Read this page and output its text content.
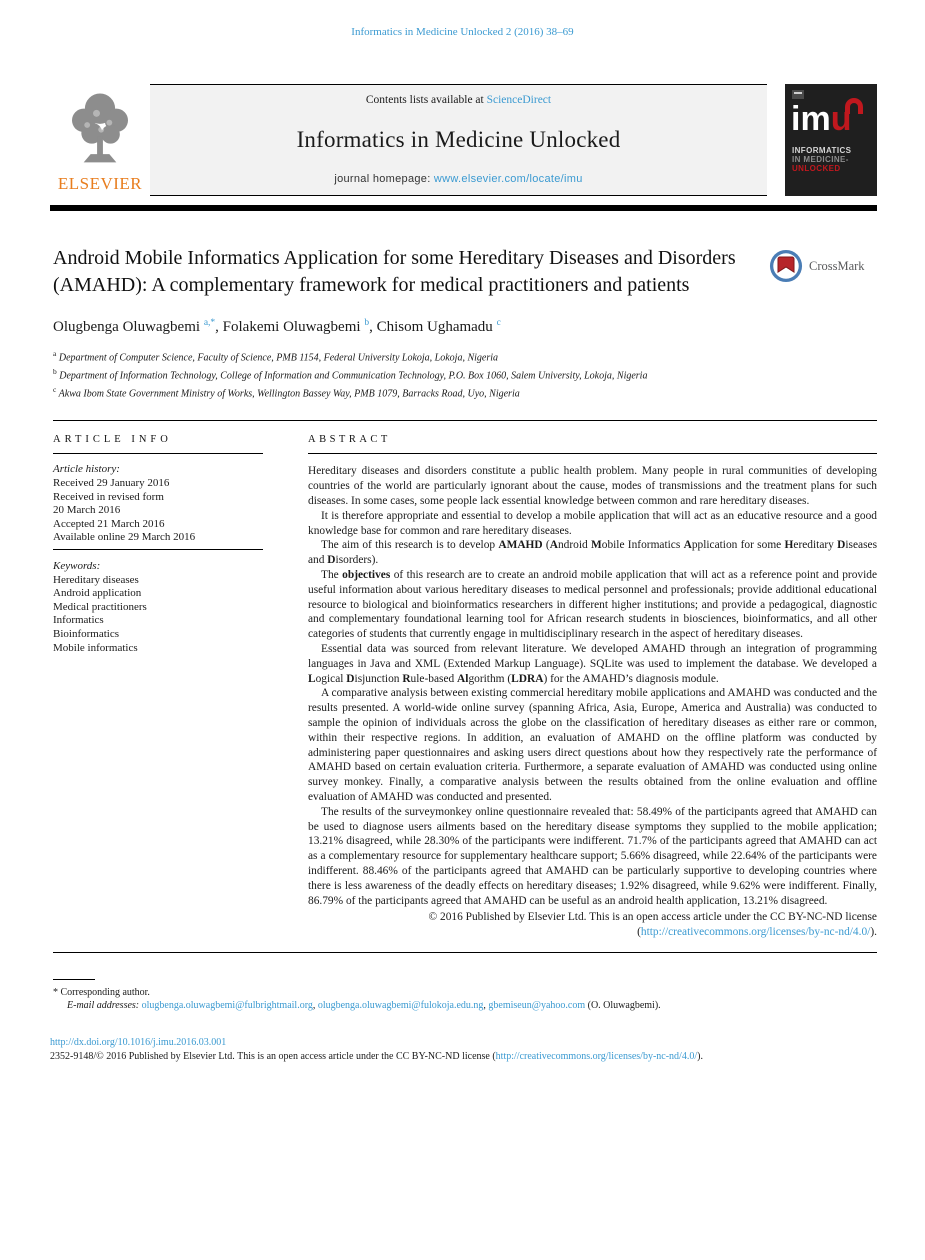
Informatics in Medicine Unlocked 2 (2016) 38–69
ELSEVIER
Contents lists available at ScienceDirect
Informatics in Medicine Unlocked
journal homepage: www.elsevier.com/locate/imu
imu
INFORMATICS
IN MEDICINE-
UNLOCKED
Android Mobile Informatics Application for some Hereditary Diseases and Disorders (AMAHD): A complementary framework for medical practitioners and patients
CrossMark
Olugbenga Oluwagbemi $^{a,*}$, Folakemi Oluwagbemi $^b$, Chisom Ughamadu $^c$
$^a$ Department of Computer Science, Faculty of Science, PMB 1154, Federal University Lokoja, Lokoja, Nigeria
$^b$ Department of Information Technology, College of Information and Communication Technology, P.O. Box 1060, Salem University, Lokoja, Nigeria
$^c$ Akwa Ibom State Government Ministry of Works, Wellington Bassey Way, PMB 1079, Barracks Road, Uyo, Nigeria
ARTICLE INFO
Article history:
Received 29 January 2016
Received in revised form
20 March 2016
Accepted 21 March 2016
Available online 29 March 2016
Keywords:
Hereditary diseases
Android application
Medical practitioners
Informatics
Bioinformatics
Mobile informatics
ABSTRACT

Hereditary diseases and disorders constitute a public health problem. Many people in rural communities of developing countries of the world are particularly ignorant about the cause, modes of transmissions and the treatment plans for such diseases. In some cases, some people lack essential knowledge between common and rare hereditary diseases.

It is therefore appropriate and essential to develop a mobile application that will act as an educative resource and a good knowledge base for common and rare hereditary diseases.

The aim of this research is to develop AMAHD (Android Mobile Informatics Application for some Hereditary Diseases and Disorders).

The objectives of this research are to create an android mobile application that will act as a reference point and provide useful information about various hereditary diseases to medical personnel and professionals; provide additional educational resource to biological and bioinformatics researchers in different higher institutions; and provide a pedagogical, diagnostic and complementary foundational learning tool for African research students in biosciences, bioinformatics, and all other categories of students that currently engage in multidisciplinary research in the aspect of hereditary diseases.

Essential data was sourced from relevant literature. We developed AMAHD through an integration of programming languages in Java and XML (Extended Markup Language). SQLite was used to implement the database. We developed a Logical Disjunction Rule-based Algorithm (LDRA) for the AMAHD’s diagnosis module.

A comparative analysis between existing commercial hereditary mobile applications and AMAHD was conducted and the results presented. A world-wide online survey (spanning Africa, Asia, Europe, America and Australia) was conducted to sample the opinion of individuals across the globe on the classification of hereditary diseases as either rare or common, within their respective regions. In addition, an evaluation of AMAHD on the offline platform was conducted by administering paper questionnaires and asking users direct questions about how they respectively rate the performance of AMAHD based on certain evaluation criteria. Furthermore, a separate evaluation of AMAHD was conducted using online survey monkey. Finally, a comparative analysis between the results obtained from the online evaluation and offline evaluation of AMAHD was conducted and presented.

The results of the surveymonkey online questionnaire revealed that: 58.49% of the participants agreed that AMAHD can be used to diagnose users ailments based on the hereditary disease symptoms they supplied to the mobile application; 13.21% disagreed, while 28.30% of the participants were indifferent. 71.7% of the participants agreed that AMAHD can act as a complementary resource for supplementary healthcare support; 5.66% disagreed, while 22.64% of the participants were indifferent. 88.46% of the participants agreed that AMAHD can be particularly supportive to developing countries where there is less awareness of the deadly effects on hereditary diseases; 1.92% disagreed, while 9.62% were indifferent. Finally, 86.79% of the participants agreed that AMAHD can be useful as an android health application, 13.21% disagreed.

© 2016 Published by Elsevier Ltd. This is an open access article under the CC BY-NC-ND license
(http://creativecommons.org/licenses/by-nc-nd/4.0/).
* Corresponding author.
E-mail addresses: olugbenga.oluwagbemi@fulbrightmail.org, olugbenga.oluwagbemi@fulokoja.edu.ng, gbemiseun@yahoo.com (O. Oluwagbemi).
http://dx.doi.org/10.1016/j.imu.2016.03.001
2352-9148/© 2016 Published by Elsevier Ltd. This is an open access article under the CC BY-NC-ND license (http://creativecommons.org/licenses/by-nc-nd/4.0/).
